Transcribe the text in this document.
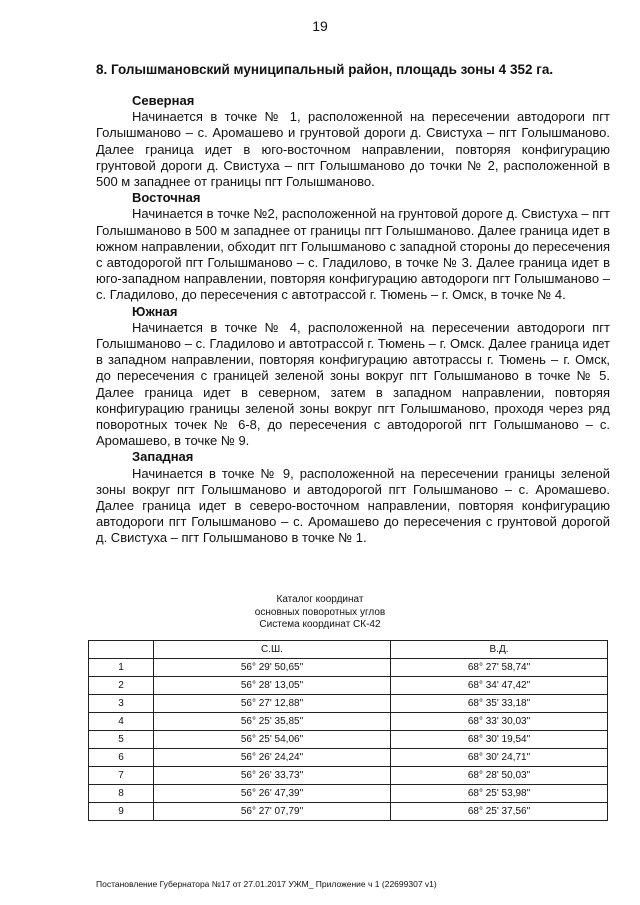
19
8. Голышмановский муниципальный район, площадь зоны 4 352 га.
Северная

Начинается в точке № 1, расположенной на пересечении автодороги пгт Голышманово – с. Аромашево и грунтовой дороги д. Свистуха – пгт Голышманово. Далее граница идет в юго-восточном направлении, повторяя конфигурацию грунтовой дороги д. Свистуха – пгт Голышманово до точки № 2, расположенной в 500 м западнее от границы пгт Голышманово.

Восточная

Начинается в точке №2, расположенной на грунтовой дороге д. Свистуха – пгт Голышманово в 500 м западнее от границы пгт Голышманово. Далее граница идет в южном направлении, обходит пгт Голышманово с западной стороны до пересечения с автодорогой пгт Голышманово – с. Гладилово, в точке № 3. Далее граница идет в юго-западном направлении, повторяя конфигурацию автодороги пгт Голышманово – с. Гладилово, до пересечения с автотрассой г. Тюмень – г. Омск, в точке № 4.

Южная

Начинается в точке № 4, расположенной на пересечении автодороги пгт Голышманово – с. Гладилово и автотрассой г. Тюмень – г. Омск. Далее граница идет в западном направлении, повторяя конфигурацию автотрассы г. Тюмень – г. Омск, до пересечения с границей зеленой зоны вокруг пгт Голышманово в точке № 5. Далее граница идет в северном, затем в западном направлении, повторяя конфигурацию границы зеленой зоны вокруг пгт Голышманово, проходя через ряд поворотных точек № 6-8, до пересечения с автодорогой пгт Голышманово – с. Аромашево, в точке № 9.

Западная

Начинается в точке № 9, расположенной на пересечении границы зеленой зоны вокруг пгт Голышманово и автодорогой пгт Голышманово – с. Аромашево. Далее граница идет в северо-восточном направлении, повторяя конфигурацию автодороги пгт Голышманово – с. Аромашево до пересечения с грунтовой дорогой д. Свистуха – пгт Голышманово в точке № 1.

Каталог координат
основных поворотных углов
Система координат СК-42
	С.Ш.	В.Д.
1	56° 29' 50,65"	68° 27' 58,74"
2	56° 28' 13,05"	68° 34' 47,42"
3	56° 27' 12,88"	68° 35' 33,18"
4	56° 25' 35,85"	68° 33' 30,03"
5	56° 25' 54,06"	68° 30' 19,54"
6	56° 26' 24,24"	68° 30' 24,71"
7	56° 26' 33,73"	68° 28' 50,03"
8	56° 26' 47,39"	68° 25' 53,98"
9	56° 27' 07,79"	68° 25' 37,56"
Постановление Губернатора №17 от 27.01.2017 УЖМ_ Приложение ч 1 (22699307 v1)
